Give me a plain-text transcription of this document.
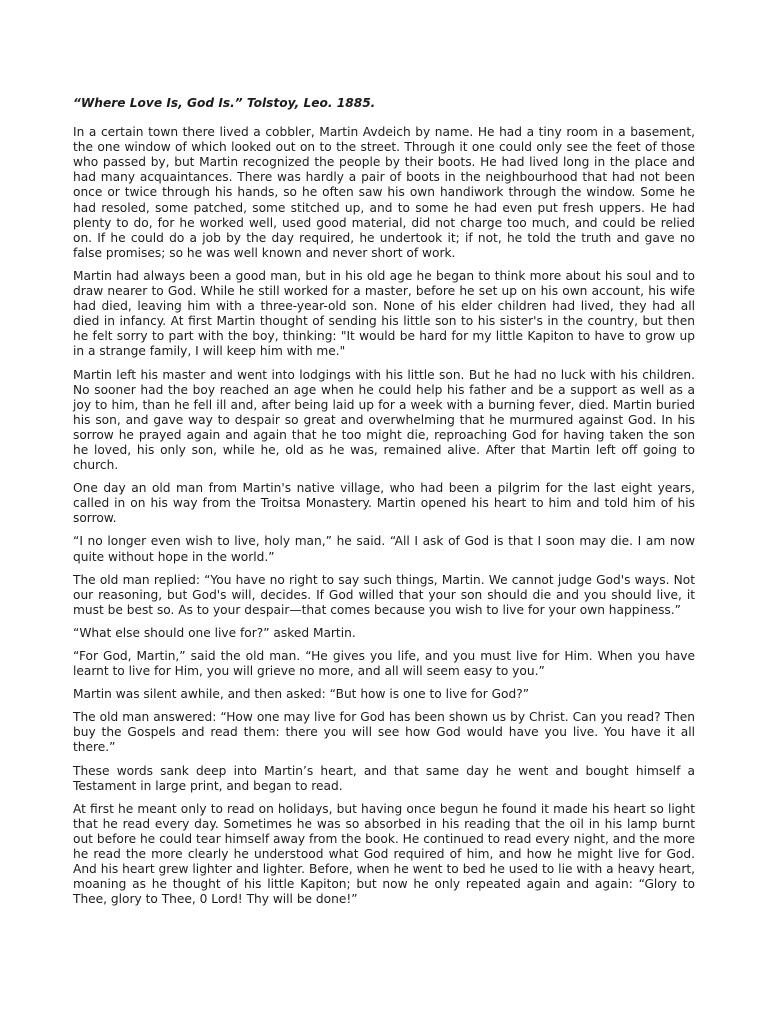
“Where Love Is, God Is.” Tolstoy, Leo. 1885.

In a certain town there lived a cobbler, Martin Avdeich by name. He had a tiny room in a basement, the one window of which looked out on to the street. Through it one could only see the feet of those who passed by, but Martin recognized the people by their boots. He had lived long in the place and had many acquaintances. There was hardly a pair of boots in the neighbourhood that had not been once or twice through his hands, so he often saw his own handiwork through the window. Some he had resoled, some patched, some stitched up, and to some he had even put fresh uppers. He had plenty to do, for he worked well, used good material, did not charge too much, and could be relied on. If he could do a job by the day required, he undertook it; if not, he told the truth and gave no false promises; so he was well known and never short of work.

Martin had always been a good man, but in his old age he began to think more about his soul and to draw nearer to God. While he still worked for a master, before he set up on his own account, his wife had died, leaving him with a three-year-old son. None of his elder children had lived, they had all died in infancy. At first Martin thought of sending his little son to his sister's in the country, but then he felt sorry to part with the boy, thinking: "It would be hard for my little Kapiton to have to grow up in a strange family, I will keep him with me."

Martin left his master and went into lodgings with his little son. But he had no luck with his children. No sooner had the boy reached an age when he could help his father and be a support as well as a joy to him, than he fell ill and, after being laid up for a week with a burning fever, died. Martin buried his son, and gave way to despair so great and overwhelming that he murmured against God. In his sorrow he prayed again and again that he too might die, reproaching God for having taken the son he loved, his only son, while he, old as he was, remained alive. After that Martin left off going to church.

One day an old man from Martin's native village, who had been a pilgrim for the last eight years, called in on his way from the Troitsa Monastery. Martin opened his heart to him and told him of his sorrow.

“I no longer even wish to live, holy man,” he said. “All I ask of God is that I soon may die. I am now quite without hope in the world.”

The old man replied: “You have no right to say such things, Martin. We cannot judge God's ways. Not our reasoning, but God's will, decides. If God willed that your son should die and you should live, it must be best so. As to your despair—that comes because you wish to live for your own happiness.”

“What else should one live for?” asked Martin.

“For God, Martin,” said the old man. “He gives you life, and you must live for Him. When you have learnt to live for Him, you will grieve no more, and all will seem easy to you.”

Martin was silent awhile, and then asked: “But how is one to live for God?”

The old man answered: “How one may live for God has been shown us by Christ. Can you read? Then buy the Gospels and read them: there you will see how God would have you live. You have it all there.”

These words sank deep into Martin’s heart, and that same day he went and bought himself a Testament in large print, and began to read.

At first he meant only to read on holidays, but having once begun he found it made his heart so light that he read every day. Sometimes he was so absorbed in his reading that the oil in his lamp burnt out before he could tear himself away from the book. He continued to read every night, and the more he read the more clearly he understood what God required of him, and how he might live for God. And his heart grew lighter and lighter. Before, when he went to bed he used to lie with a heavy heart, moaning as he thought of his little Kapiton; but now he only repeated again and again: “Glory to Thee, glory to Thee, 0 Lord! Thy will be done!”
